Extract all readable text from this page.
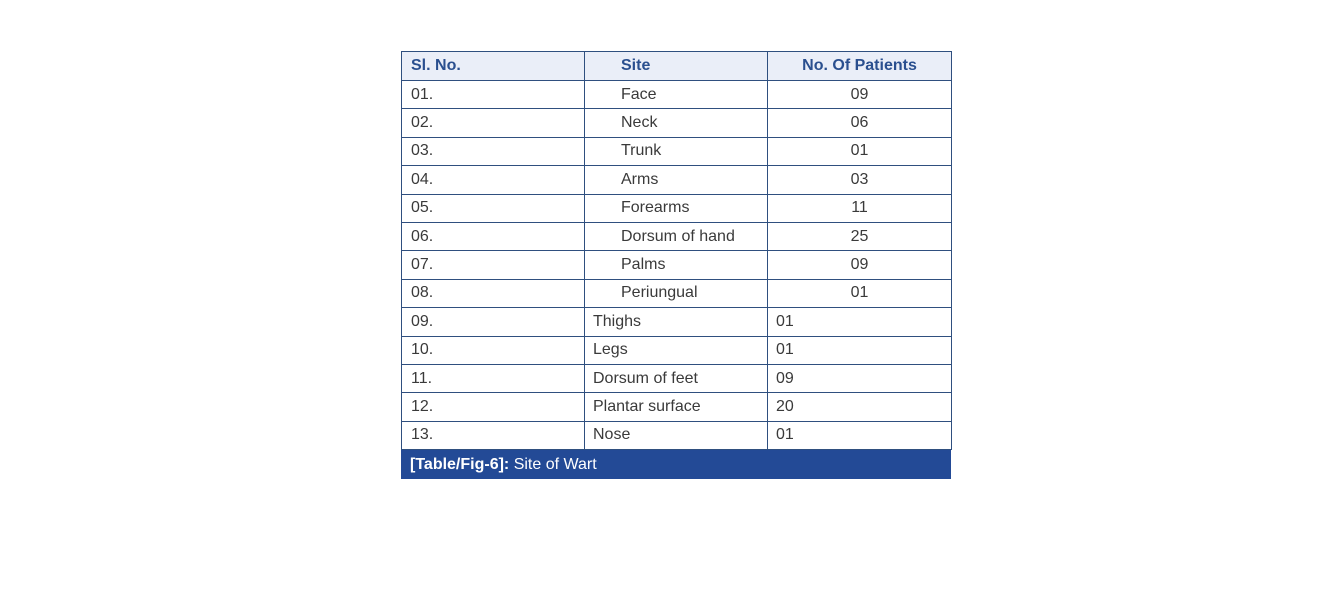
Sl. No.	Site	No. Of Patients
01.	Face	09
02.	Neck	06
03.	Trunk	01
04.	Arms	03
05.	Forearms	11
06.	Dorsum of hand	25
07.	Palms	09
08.	Periungual	01
09.	Thighs	01
10.	Legs	01
11.	Dorsum of feet	09
12.	Plantar surface	20
13.	Nose	01
[Table/Fig-6]: Site of Wart
